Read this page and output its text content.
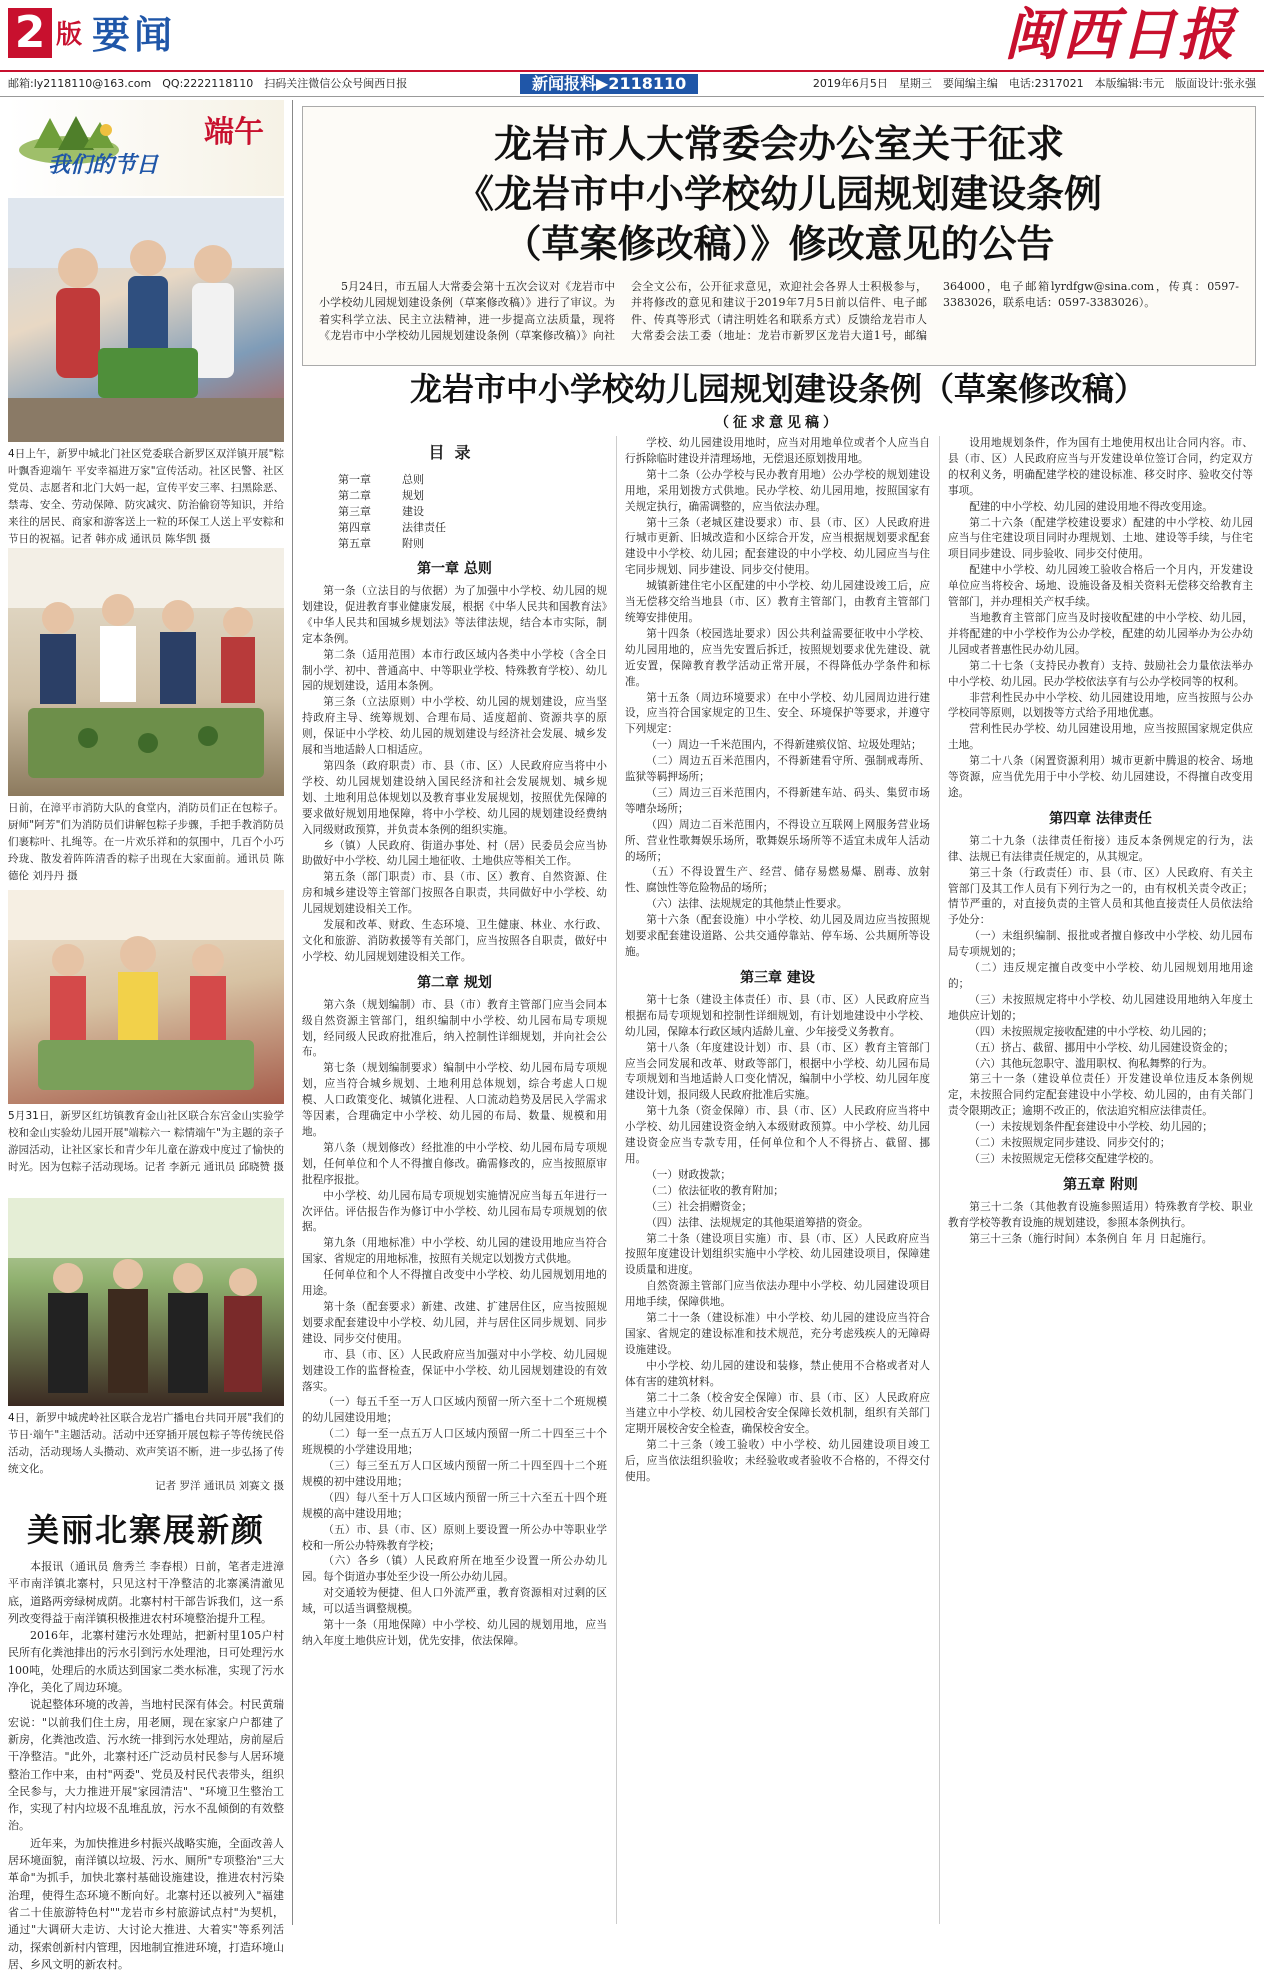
2 版 要闻	闽西日报
邮箱:ly2118110@163.com　QQ:2222118110　扫码关注微信公众号闽西日报	新闻报料▶2118110	2019年6月5日　星期三　要闻编主编　电话:2317021　本版编辑:韦元　版面设计:张永强
我们的节日
端午
4日上午，新罗中城北门社区党委联合新罗区双洋镇开展"粽叶飘香迎端午 平安幸福进万家"宣传活动。社区民警、社区党员、志愿者和北门大妈一起，宣传平安三率、扫黑除恶、禁毒、安全、劳动保障、防灾减灾、防治偷窃等知识，并给来往的居民、商家和游客送上一粒的环保工人送上平安粽和节日的祝福。记者 韩亦成 通讯员 陈华凯 摄
日前，在漳平市消防大队的食堂内，消防员们正在包粽子。厨师"阿芳"们为消防员们讲解包粽子步骤，手把手教消防员们裹粽叶、扎绳等。在一片欢乐祥和的氛围中，几百个小巧玲珑、散发着阵阵清香的粽子出现在大家面前。通讯员 陈德伦 刘丹丹 摄
5月31日，新罗区红坊镇教育金山社区联合东宫金山实验学校和金山实验幼儿园开展"端粽六一 粽情端午"为主题的亲子游园活动，让社区家长和青少年儿童在游戏中度过了愉快的时光。因为包粽子活动现场。记者 李新元 通讯员 邱晓赞 摄
4日，新罗中城虎岭社区联合龙岩广播电台共同开展"我们的节日·端午"主题活动。活动中还穿插开展包粽子等传统民俗活动，活动现场人头攒动、欢声笑语不断，进一步弘扬了传统文化。
记者 罗洋 通讯员 刘赛文 摄
美丽北寨展新颜

本报讯（通讯员 詹秀兰 李春根）日前，笔者走进漳平市南洋镇北寨村，只见这村干净整洁的北寨溪清澈见底，道路两旁绿树成荫。北寨村村干部告诉我们，这一系列改变得益于南洋镇积极推进农村环境整治提升工程。

2016年，北寨村建污水处理站，把新村里105户村民所有化粪池排出的污水引到污水处理池，日可处理污水100吨，处理后的水质达到国家二类水标准，实现了污水净化，美化了周边环境。

说起整体环境的改善，当地村民深有体会。村民黄瑞宏说："以前我们住土房，用老厕，现在家家户户都建了新房，化粪池改造、污水统一排到污水处理站，房前屋后干净整洁。"此外，北寨村还广泛动员村民参与人居环境整治工作中来，由村"两委"、党员及村民代表带头，组织全民参与，大力推进开展"家园清洁"、"环境卫生整治工作，实现了村内垃圾不乱堆乱放，污水不乱倾倒的有效整治。

近年来，为加快推进乡村振兴战略实施，全面改善人居环境面貌，南洋镇以垃圾、污水、厕所"专项整治"三大革命"为抓手，加快北寨村基础设施建设，推进农村污染治理，使得生态环境不断向好。北寨村还以被列入"福建省二十佳旅游特色村""龙岩市乡村旅游试点村"为契机，通过"大调研大走访、大讨论大推进、大着实"等系列活动，探索创新村内管理，因地制宜推进环境，打造环境山居、乡风文明的新农村。

龙岩市人大常委会办公室关于征求
《龙岩市中小学校幼儿园规划建设条例
（草案修改稿）》修改意见的公告

5月24日，市五届人大常委会第十五次会议对《龙岩市中小学校幼儿园规划建设条例（草案修改稿）》进行了审议。为着实科学立法、民主立法精神，进一步提高立法质量，现将《龙岩市中小学校幼儿园规划建设条例（草案修改稿）》向社会全文公布，公开征求意见，欢迎社会各界人士积极参与，并将修改的意见和建议于2019年7月5日前以信件、电子邮件、传真等形式（请注明姓名和联系方式）反馈给龙岩市人大常委会法工委（地址：龙岩市新罗区龙岩大道1号，邮编364000，电子邮箱lyrdfgw@sina.com，传真：0597-3383026，联系电话：0597-3383026）。

龙岩市中小学校幼儿园规划建设条例（草案修改稿）
（征求意见稿）
目录
第一章	总则
第二章	规划
第三章	建设
第四章	法律责任
第五章	附则
第一章 总则

第一条（立法目的与依据）为了加强中小学校、幼儿园的规划建设，促进教育事业健康发展，根据《中华人民共和国教育法》《中华人民共和国城乡规划法》等法律法规，结合本市实际，制定本条例。

第二条（适用范围）本市行政区域内各类中小学校（含全日制小学、初中、普通高中、中等职业学校、特殊教育学校）、幼儿园的规划建设，适用本条例。

第三条（立法原则）中小学校、幼儿园的规划建设，应当坚持政府主导、统筹规划、合理布局、适度超前、资源共享的原则，保证中小学校、幼儿园的规划建设与经济社会发展、城乡发展和当地适龄人口相适应。

第四条（政府职责）市、县（市、区）人民政府应当将中小学校、幼儿园规划建设纳入国民经济和社会发展规划、城乡规划、土地利用总体规划以及教育事业发展规划，按照优先保障的要求做好规划用地保障，将中小学校、幼儿园的规划建设经费纳入同级财政预算，并负责本条例的组织实施。

乡（镇）人民政府、街道办事处、村（居）民委员会应当协助做好中小学校、幼儿园土地征收、土地供应等相关工作。

第五条（部门职责）市、县（市、区）教育、自然资源、住房和城乡建设等主管部门按照各自职责，共同做好中小学校、幼儿园规划建设相关工作。

发展和改革、财政、生态环境、卫生健康、林业、水行政、文化和旅游、消防救援等有关部门，应当按照各自职责，做好中小学校、幼儿园规划建设相关工作。

第二章 规划

第六条（规划编制）市、县（市）教育主管部门应当会同本级自然资源主管部门，组织编制中小学校、幼儿园布局专项规划，经同级人民政府批准后，纳入控制性详细规划，并向社会公布。

第七条（规划编制要求）编制中小学校、幼儿园布局专项规划，应当符合城乡规划、土地利用总体规划，综合考虑人口规模、人口政策变化、城镇化进程、人口流动趋势及居民入学需求等因素，合理确定中小学校、幼儿园的布局、数量、规模和用地。

第八条（规划修改）经批准的中小学校、幼儿园布局专项规划，任何单位和个人不得擅自修改。确需修改的，应当按照原审批程序报批。

中小学校、幼儿园布局专项规划实施情况应当每五年进行一次评估。评估报告作为修订中小学校、幼儿园布局专项规划的依据。

第九条（用地标准）中小学校、幼儿园的建设用地应当符合国家、省规定的用地标准，按照有关规定以划拨方式供地。

任何单位和个人不得擅自改变中小学校、幼儿园规划用地的用途。

第十条（配套要求）新建、改建、扩建居住区，应当按照规划要求配套建设中小学校、幼儿园，并与居住区同步规划、同步建设、同步交付使用。

市、县（市、区）人民政府应当加强对中小学校、幼儿园规划建设工作的监督检查，保证中小学校、幼儿园规划建设的有效落实。

（一）每五千至一万人口区域内预留一所六至十二个班规模的幼儿园建设用地；

（二）每一至一点五万人口区域内预留一所二十四至三十个班规模的小学建设用地；

（三）每三至五万人口区域内预留一所二十四至四十二个班规模的初中建设用地；

（四）每八至十万人口区域内预留一所三十六至五十四个班规模的高中建设用地；

（五）市、县（市、区）原则上要设置一所公办中等职业学校和一所公办特殊教育学校；

（六）各乡（镇）人民政府所在地至少设置一所公办幼儿园。每个街道办事处至少设一所公办幼儿园。

对交通较为便捷、但人口外流严重，教育资源相对过剩的区域，可以适当调整规模。

第十一条（用地保障）中小学校、幼儿园的规划用地，应当纳入年度土地供应计划，优先安排，依法保障。

学校、幼儿园建设用地时，应当对用地单位或者个人应当自行拆除临时建设并清理场地，无偿退还原划拨用地。

第十二条（公办学校与民办教育用地）公办学校的规划建设用地，采用划拨方式供地。民办学校、幼儿园用地，按照国家有关规定执行，确需调整的，应当依法办理。

第十三条（老城区建设要求）市、县（市、区）人民政府进行城市更新、旧城改造和小区综合开发，应当根据规划要求配套建设中小学校、幼儿园；配套建设的中小学校、幼儿园应当与住宅同步规划、同步建设、同步交付使用。

城镇新建住宅小区配建的中小学校、幼儿园建设竣工后，应当无偿移交给当地县（市、区）教育主管部门，由教育主管部门统筹安排使用。

第十四条（校园选址要求）因公共利益需要征收中小学校、幼儿园用地的，应当先安置后拆迁，按照规划要求优先建设、就近安置，保障教育教学活动正常开展，不得降低办学条件和标准。

第十五条（周边环境要求）在中小学校、幼儿园周边进行建设，应当符合国家规定的卫生、安全、环境保护等要求，并遵守下列规定：

（一）周边一千米范围内，不得新建殡仪馆、垃圾处理站；

（二）周边五百米范围内，不得新建看守所、强制戒毒所、监狱等羁押场所；

（三）周边三百米范围内，不得新建车站、码头、集贸市场等嘈杂场所；

（四）周边二百米范围内，不得设立互联网上网服务营业场所、营业性歌舞娱乐场所，歌舞娱乐场所等不适宜未成年人活动的场所；

（五）不得设置生产、经营、储存易燃易爆、剧毒、放射性、腐蚀性等危险物品的场所；

（六）法律、法规规定的其他禁止性要求。

第十六条（配套设施）中小学校、幼儿园及周边应当按照规划要求配套建设道路、公共交通停靠站、停车场、公共厕所等设施。

第三章 建设

第十七条（建设主体责任）市、县（市、区）人民政府应当根据布局专项规划和控制性详细规划，有计划地建设中小学校、幼儿园，保障本行政区域内适龄儿童、少年接受义务教育。

第十八条（年度建设计划）市、县（市、区）教育主管部门应当会同发展和改革、财政等部门，根据中小学校、幼儿园布局专项规划和当地适龄人口变化情况，编制中小学校、幼儿园年度建设计划，报同级人民政府批准后实施。

第十九条（资金保障）市、县（市、区）人民政府应当将中小学校、幼儿园建设资金纳入本级财政预算。中小学校、幼儿园建设资金应当专款专用，任何单位和个人不得挤占、截留、挪用。

（一）财政拨款；

（二）依法征收的教育附加；

（三）社会捐赠资金；

（四）法律、法规规定的其他渠道筹措的资金。

第二十条（建设项目实施）市、县（市、区）人民政府应当按照年度建设计划组织实施中小学校、幼儿园建设项目，保障建设质量和进度。

自然资源主管部门应当依法办理中小学校、幼儿园建设项目用地手续，保障供地。

第二十一条（建设标准）中小学校、幼儿园的建设应当符合国家、省规定的建设标准和技术规范，充分考虑残疾人的无障碍设施建设。

中小学校、幼儿园的建设和装修，禁止使用不合格或者对人体有害的建筑材料。

第二十二条（校舍安全保障）市、县（市、区）人民政府应当建立中小学校、幼儿园校舍安全保障长效机制，组织有关部门定期开展校舍安全检查，确保校舍安全。

第二十三条（竣工验收）中小学校、幼儿园建设项目竣工后，应当依法组织验收；未经验收或者验收不合格的，不得交付使用。

设用地规划条件，作为国有土地使用权出让合同内容。市、县（市、区）人民政府应当与开发建设单位签订合同，约定双方的权利义务，明确配建学校的建设标准、移交时序、验收交付等事项。

配建的中小学校、幼儿园的建设用地不得改变用途。

第二十六条（配建学校建设要求）配建的中小学校、幼儿园应当与住宅建设项目同时办理规划、土地、建设等手续，与住宅项目同步建设、同步验收、同步交付使用。

配建中小学校、幼儿园竣工验收合格后一个月内，开发建设单位应当将校舍、场地、设施设备及相关资料无偿移交给教育主管部门，并办理相关产权手续。

当地教育主管部门应当及时接收配建的中小学校、幼儿园，并将配建的中小学校作为公办学校，配建的幼儿园举办为公办幼儿园或者普惠性民办幼儿园。

第二十七条（支持民办教育）支持、鼓励社会力量依法举办中小学校、幼儿园。民办学校依法享有与公办学校同等的权利。

非营利性民办中小学校、幼儿园建设用地，应当按照与公办学校同等原则，以划拨等方式给予用地优惠。

营利性民办学校、幼儿园建设用地，应当按照国家规定供应土地。

第二十八条（闲置资源利用）城市更新中腾退的校舍、场地等资源，应当优先用于中小学校、幼儿园建设，不得擅自改变用途。

第四章 法律责任

第二十九条（法律责任衔接）违反本条例规定的行为，法律、法规已有法律责任规定的，从其规定。

第三十条（行政责任）市、县（市、区）人民政府、有关主管部门及其工作人员有下列行为之一的，由有权机关责令改正；情节严重的，对直接负责的主管人员和其他直接责任人员依法给予处分：

（一）未组织编制、报批或者擅自修改中小学校、幼儿园布局专项规划的；

（二）违反规定擅自改变中小学校、幼儿园规划用地用途的；

（三）未按照规定将中小学校、幼儿园建设用地纳入年度土地供应计划的；

（四）未按照规定接收配建的中小学校、幼儿园的；

（五）挤占、截留、挪用中小学校、幼儿园建设资金的；

（六）其他玩忽职守、滥用职权、徇私舞弊的行为。

第三十一条（建设单位责任）开发建设单位违反本条例规定，未按照合同约定配套建设中小学校、幼儿园的，由有关部门责令限期改正；逾期不改正的，依法追究相应法律责任。

（一）未按规划条件配套建设中小学校、幼儿园的；

（二）未按照规定同步建设、同步交付的；

（三）未按照规定无偿移交配建学校的。

第五章 附则

第三十二条（其他教育设施参照适用）特殊教育学校、职业教育学校等教育设施的规划建设，参照本条例执行。

第三十三条（施行时间）本条例自 年 月 日起施行。
